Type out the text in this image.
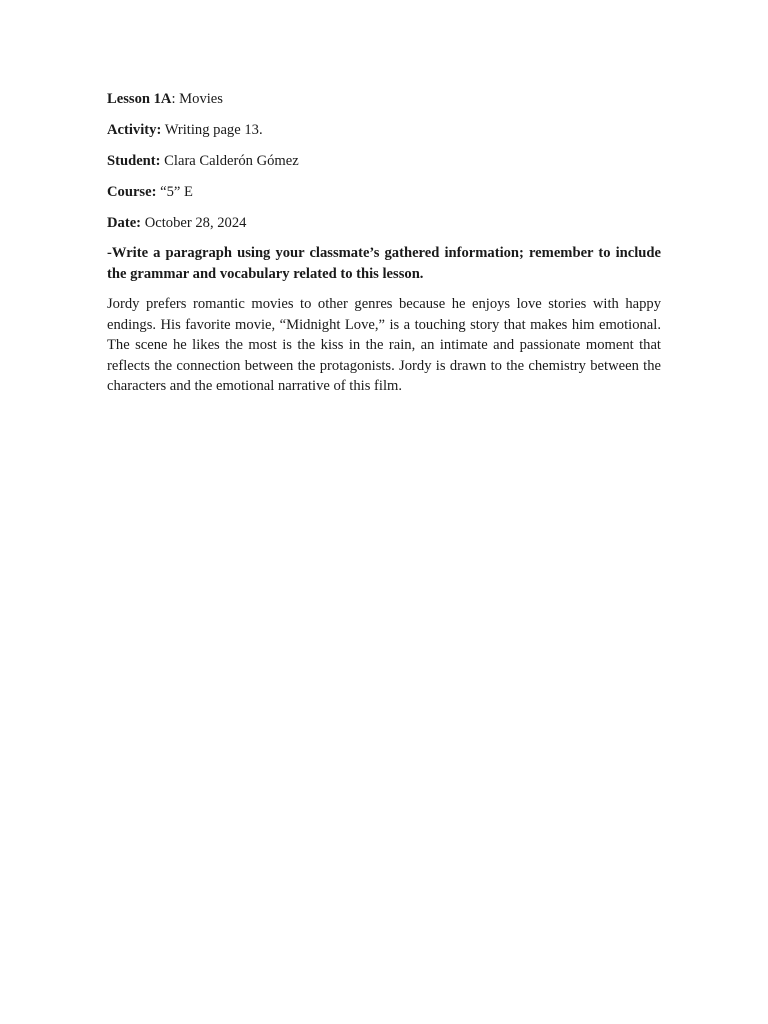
Lesson 1A: Movies

Activity: Writing page 13.

Student: Clara Calderón Gómez

Course: “5” E

Date: October 28, 2024

-Write a paragraph using your classmate’s gathered information; remember to include the grammar and vocabulary related to this lesson.

Jordy prefers romantic movies to other genres because he enjoys love stories with happy endings. His favorite movie, “Midnight Love,” is a touching story that makes him emotional. The scene he likes the most is the kiss in the rain, an intimate and passionate moment that reflects the connection between the protagonists. Jordy is drawn to the chemistry between the characters and the emotional narrative of this film.
